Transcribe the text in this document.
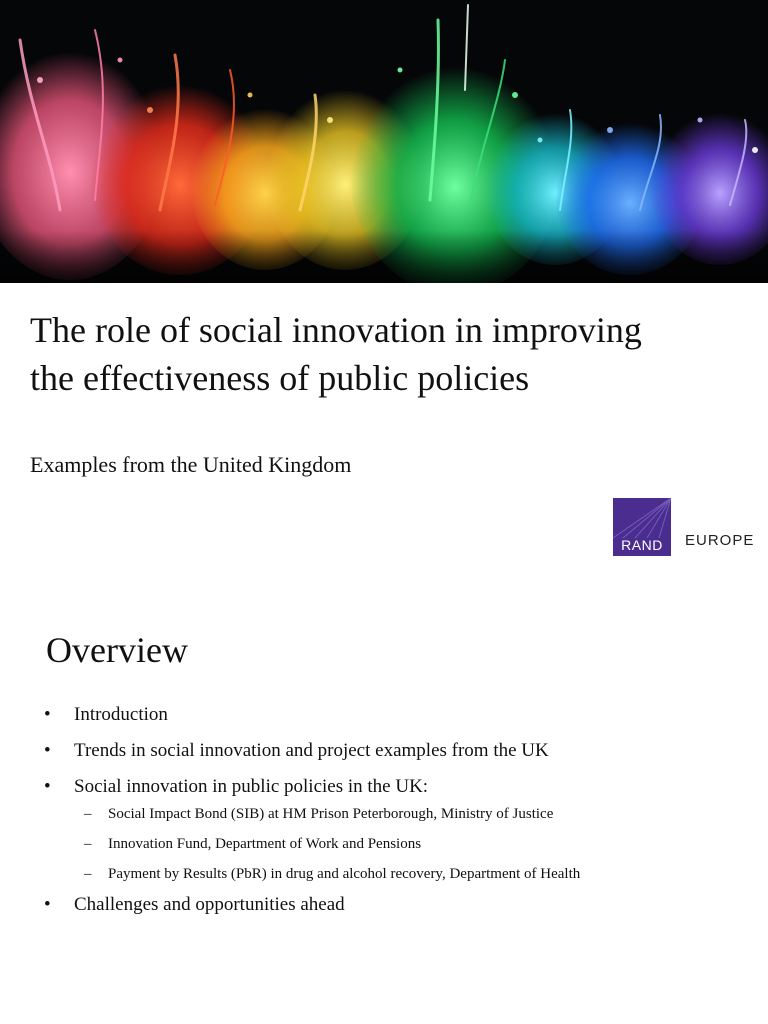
The role of social innovation in improving
the effectiveness of public policies

Examples from the United Kingdom

RAND	EUROPE
Overview
• Introduction
• Trends in social innovation and project examples from the UK
• Social innovation in public policies in the UK:
– Social Impact Bond (SIB) at HM Prison Peterborough, Ministry of Justice
– Innovation Fund, Department of Work and Pensions
– Payment by Results (PbR) in drug and alcohol recovery, Department of Health
• Challenges and opportunities ahead
